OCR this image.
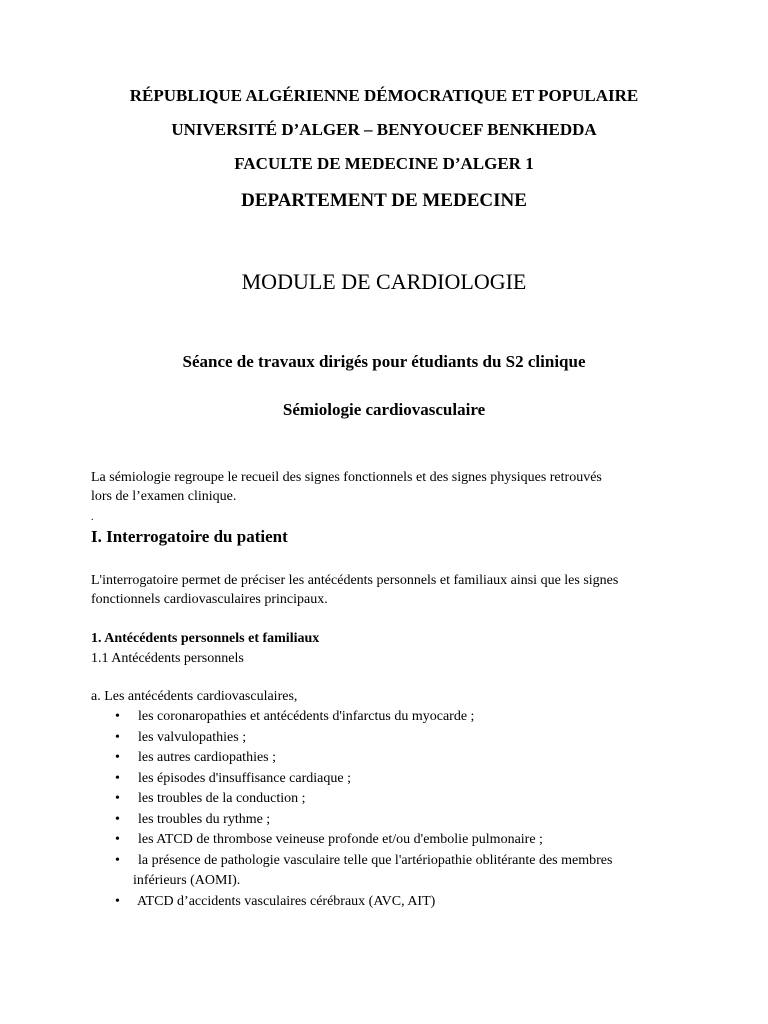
RÉPUBLIQUE ALGÉRIENNE DÉMOCRATIQUE ET POPULAIRE
UNIVERSITÉ D’ALGER – BENYOUCEF BENKHEDDA
FACULTE DE MEDECINE D’ALGER 1
DEPARTEMENT DE MEDECINE
MODULE DE CARDIOLOGIE
Séance de travaux dirigés pour étudiants du S2 clinique
Sémiologie cardiovasculaire
La sémiologie regroupe le recueil des signes fonctionnels et des signes physiques retrouvés
lors de l’examen clinique.
.
I. Interrogatoire du patient
L'interrogatoire permet de préciser les antécédents personnels et familiaux ainsi que les signes
fonctionnels cardiovasculaires principaux.
1. Antécédents personnels et familiaux
1.1 Antécédents personnels
a. Les antécédents cardiovasculaires,
• les coronaropathies et antécédents d'infarctus du myocarde ;
• les valvulopathies ;
• les autres cardiopathies ;
• les épisodes d'insuffisance cardiaque ;
• les troubles de la conduction ;
• les troubles du rythme ;
• les ATCD de thrombose veineuse profonde et/ou d'embolie pulmonaire ;
• la présence de pathologie vasculaire telle que l'artériopathie oblitérante des membres
inférieurs (AOMI).
• ATCD d’accidents vasculaires cérébraux (AVC, AIT)
